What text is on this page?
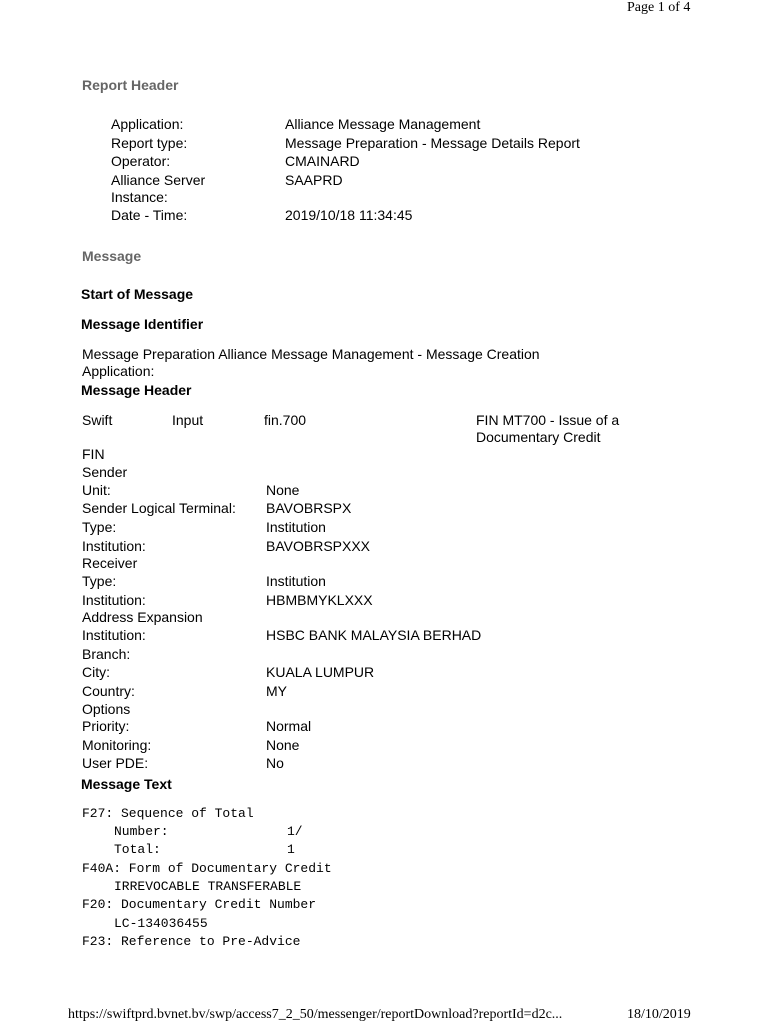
Page 1 of 4
Report Header
Application:	Alliance Message Management
Report type:	Message Preparation - Message Details Report
Operator:	CMAINARD
Alliance Server
Instance:
SAAPRD
Date - Time:	2019/10/18 11:34:45
Message
Start of Message
Message Identifier
Message Preparation Alliance Message Management - Message Creation
Application:
Message Header
Swift	Input	fin.700	FIN MT700 - Issue of a
Documentary Credit
FIN
Sender
Unit:	None
Sender Logical Terminal: BAVOBRSPX
Type:	Institution
Institution:	BAVOBRSPXXX
Receiver
Type:	Institution
Institution:	HBMBMYKLXXX
Address Expansion
Institution:	HSBC BANK MALAYSIA BERHAD
Branch:
City:	KUALA LUMPUR
Country:	MY
Options
Priority:	Normal
Monitoring:	None
User PDE:	No
Message Text
F27: Sequence of Total
Number:	1/
Total:	1
F40A: Form of Documentary Credit
IRREVOCABLE TRANSFERABLE
F20: Documentary Credit Number
LC-134036455
F23: Reference to Pre-Advice
https://swiftprd.bvnet.bv/swp/access7_2_50/messenger/reportDownload?reportId=d2c...	18/10/2019
